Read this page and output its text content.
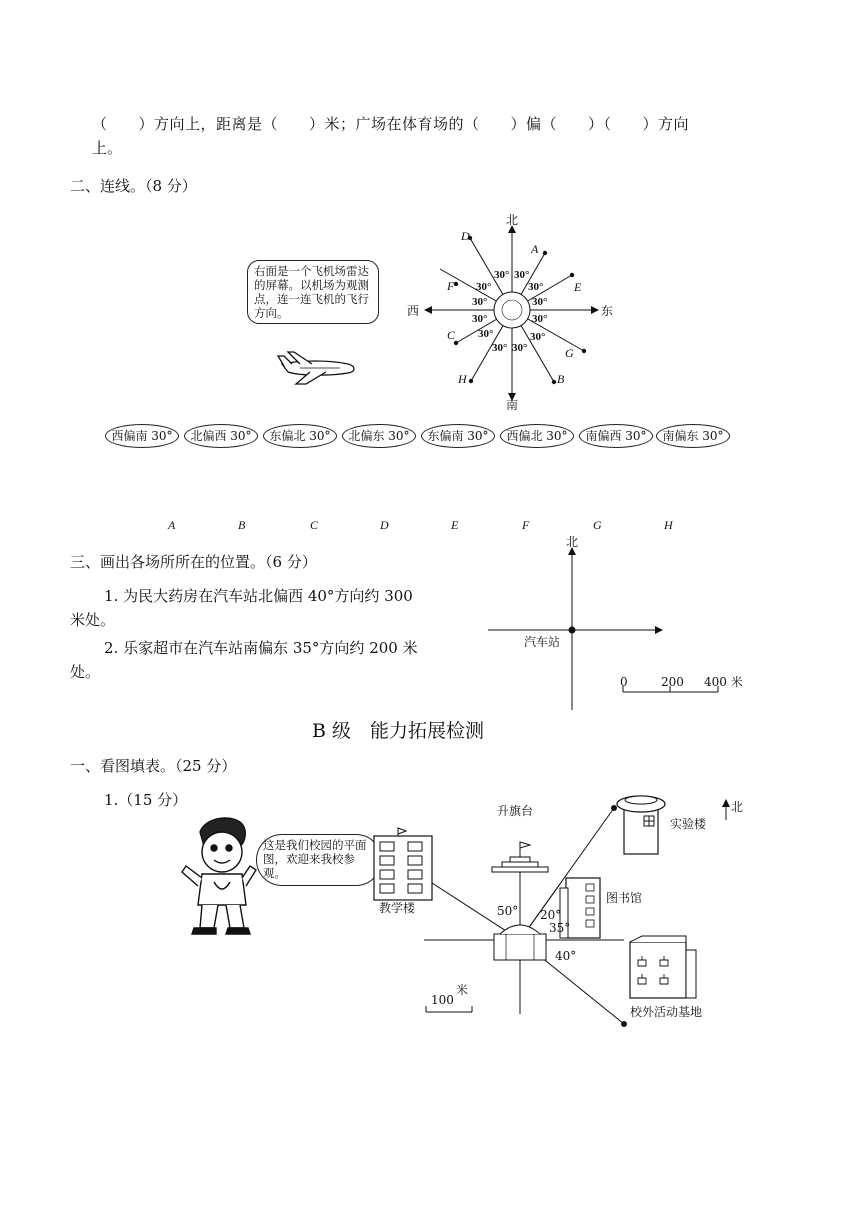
（　　）方向上，距离是（　　）米；广场在体育场的（　　）偏（　　）（　　）方向
上。
二、连线。（8 分）
右面是一个飞机场雷达的屏幕。以机场为观测点，连一连飞机的飞行方向。
30° 30°
30°	30°
30°	30°
30°	30°
30°	30°
30° 30°
北
南
东
西
D
A
F	E
C
G
H	B
西偏南 30°	北偏西 30°	东偏北 30°	北偏东 30°	东偏南 30°	西偏北 30°	南偏西 30°	南偏东 30°
A	B	C	D	E	F	G	H
三、画出各场所所在的位置。（6 分）
1. 为民大药房在汽车站北偏西 40°方向约 300
米处。
2. 乐家超市在汽车站南偏东 35°方向约 200 米
处。
北
汽车站
0	200 400 米
B 级　能力拓展检测
一、看图填表。（25 分）
1.（15 分）
这是我们校园的平面图，欢迎来我校参观。
升旗台
实验楼
北
图书馆
教学楼
校外活动基地
50° 20°
35°
40°
100
米
